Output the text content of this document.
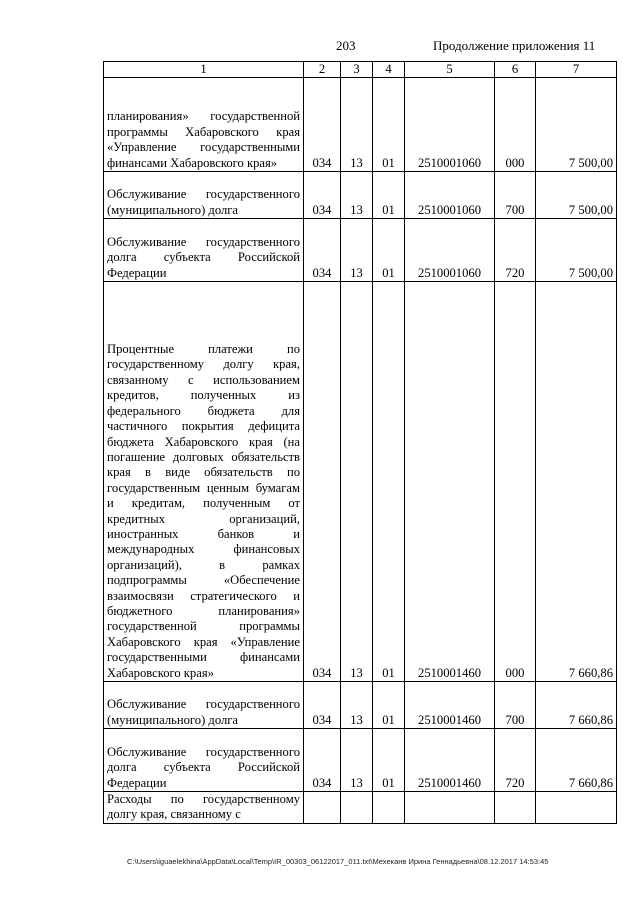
203	Продолжение приложения 11
1	2	3	4	5	6	7
планирования» государственной программы Хабаровского края «Управление государственными финансами Хабаровского края»	034	13	01	2510001060	000	7 500,00
Обслуживание государственного (муниципального) долга	034	13	01	2510001060	700	7 500,00
Обслуживание государственного долга субъекта Российской Федерации	034	13	01	2510001060	720	7 500,00
Процентные платежи по государственному долгу края, связанному с использованием кредитов, полученных из федерального бюджета для частичного покрытия дефицита бюджета Хабаровского края (на погашение долговых обязательств края в виде обязательств по государственным ценным бумагам и кредитам, полученным от кредитных организаций, иностранных банков и международных финансовых организаций), в рамках подпрограммы «Обеспечение взаимосвязи стратегического и бюджетного планирования» государственной программы Хабаровского края «Управление государственными финансами Хабаровского края»	034	13	01	2510001460	000	7 660,86
Обслуживание государственного (муниципального) долга	034	13	01	2510001460	700	7 660,86
Обслуживание государственного долга субъекта Российской Федерации	034	13	01	2510001460	720	7 660,86
Расходы по государственному долгу края, связанному с						
C:\Users\iguaelekhina\AppData\Local\Temp\IR_00303_06122017_011.txt\Мехеканв Ирина Геннадьевна\08.12.2017 14:53:45
